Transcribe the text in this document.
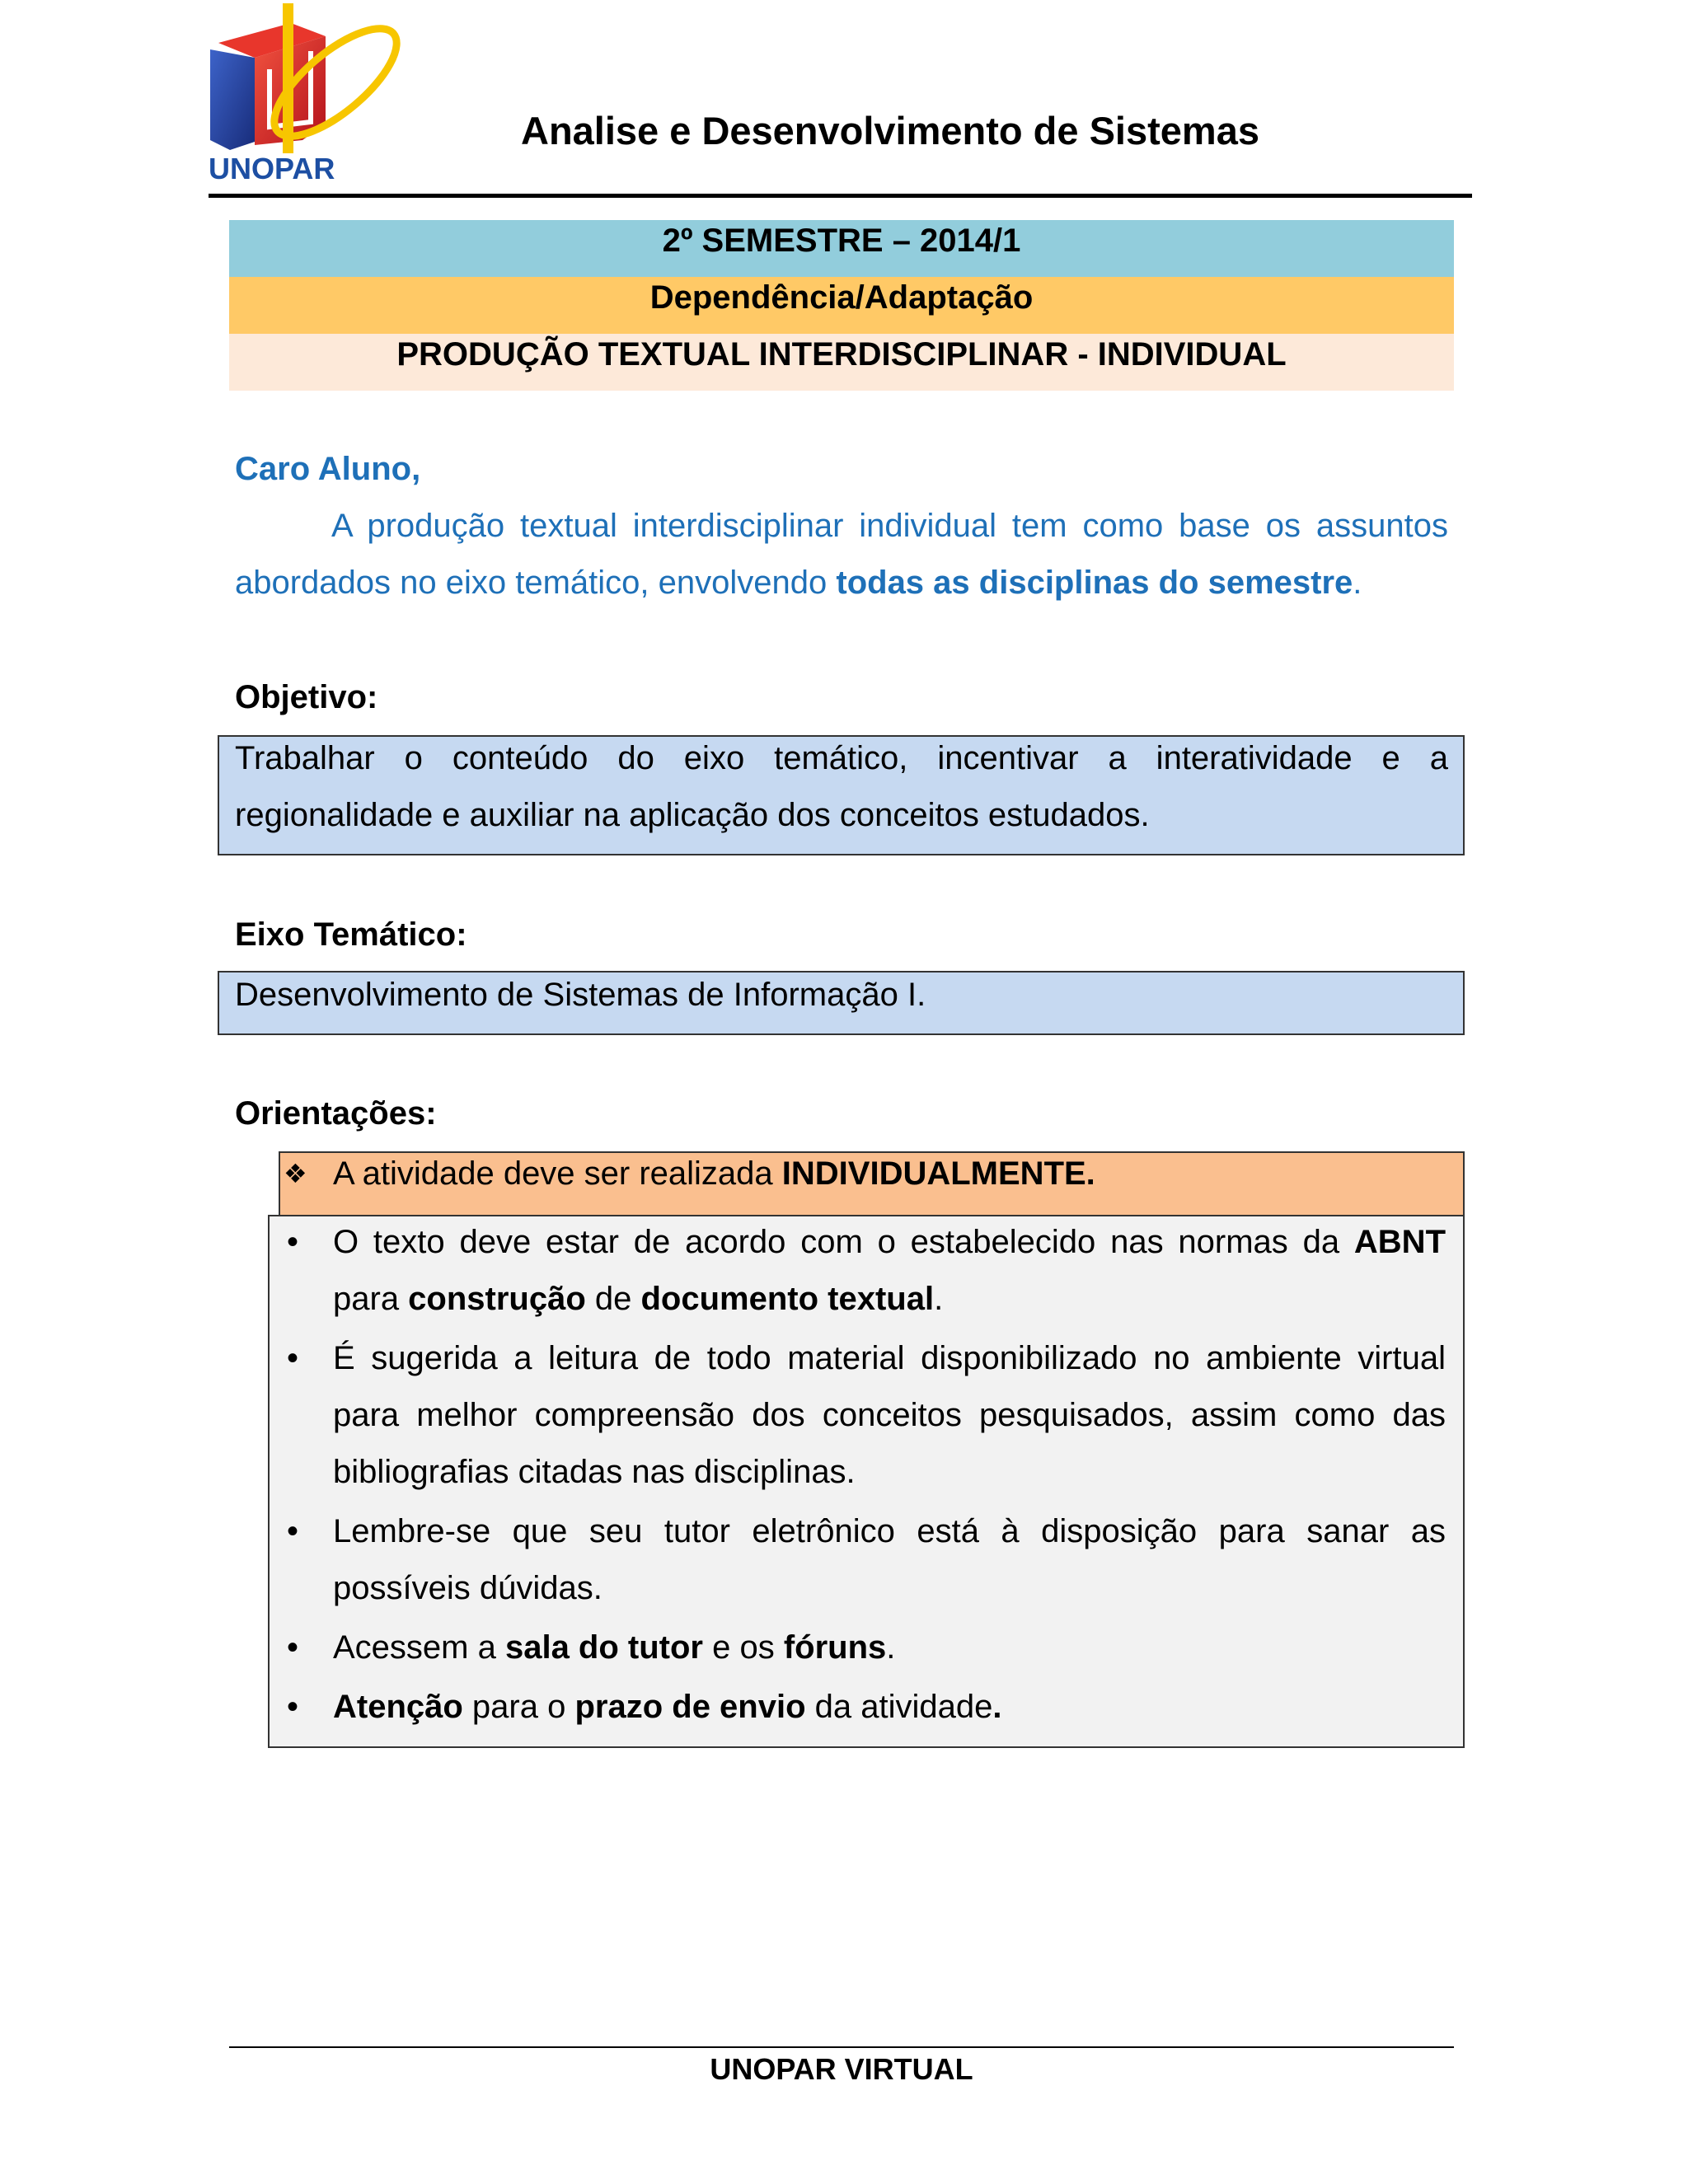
UNOPAR
Analise e Desenvolvimento de Sistemas
2º SEMESTRE – 2014/1
Dependência/Adaptação
PRODUÇÃO TEXTUAL INTERDISCIPLINAR - INDIVIDUAL
Caro Aluno,
A produção textual interdisciplinar individual tem como base os assuntos abordados no eixo temático, envolvendo todas as disciplinas do semestre.
Objetivo:
Trabalhar o conteúdo do eixo temático, incentivar a interatividade e a
regionalidade e auxiliar na aplicação dos conceitos estudados.
Eixo Temático:
Desenvolvimento de Sistemas de Informação I.
Orientações:
❖ A atividade deve ser realizada INDIVIDUALMENTE.
• O texto deve estar de acordo com o estabelecido nas normas da ABNT para construção de documento textual.
• É sugerida a leitura de todo material disponibilizado no ambiente virtual para melhor compreensão dos conceitos pesquisados, assim como das bibliografias citadas nas disciplinas.
• Lembre-se que seu tutor eletrônico está à disposição para sanar as possíveis dúvidas.
• Acessem a sala do tutor e os fóruns.
• Atenção para o prazo de envio da atividade.
UNOPAR VIRTUAL
